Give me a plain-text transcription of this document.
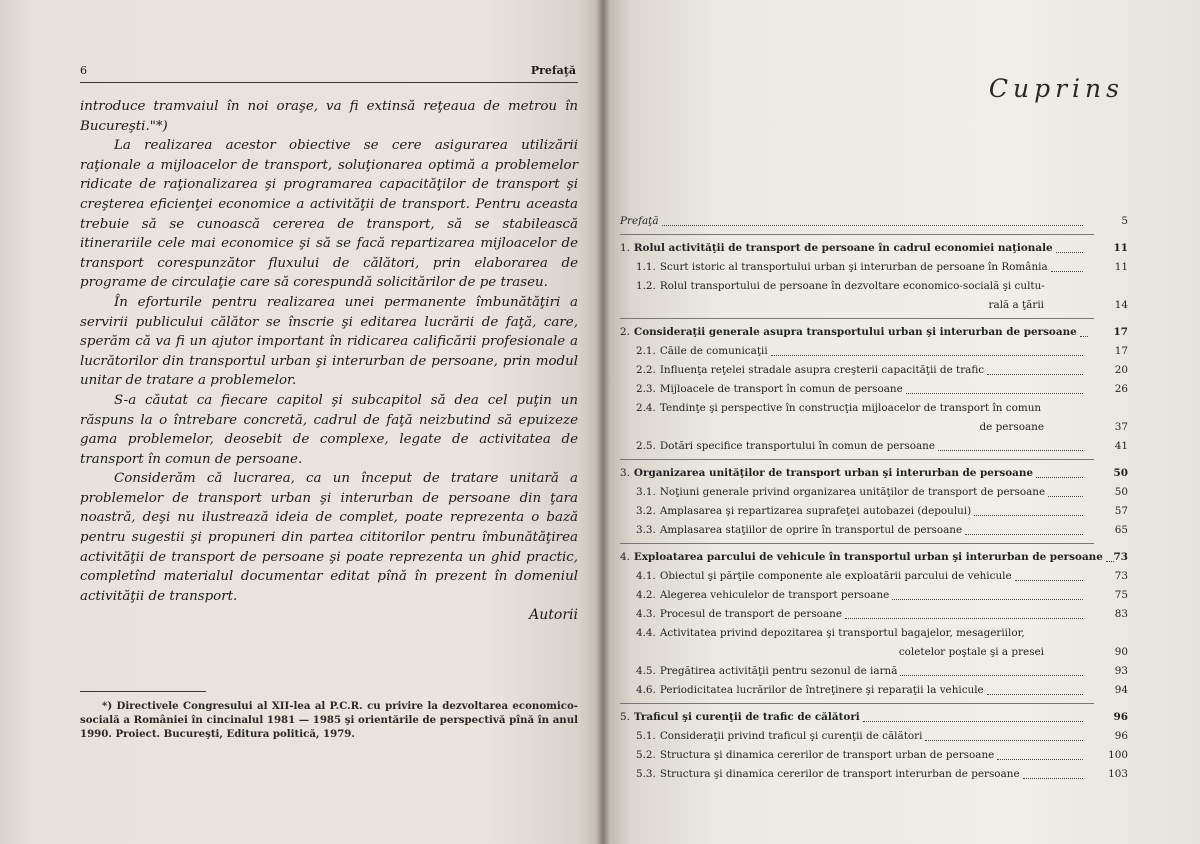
6	Prefaţă

introduce tramvaiul în noi oraşe, va fi extinsă reţeaua de metrou în Bucureşti."*)

La realizarea acestor obiective se cere asigurarea utilizării raţionale a mijloacelor de transport, soluţionarea optimă a problemelor ridicate de raţionalizarea şi programarea capacităţilor de transport şi creşterea eficienţei economice a activităţii de transport. Pentru aceasta trebuie să se cunoască cererea de transport, să se stabilească itinerariile cele mai economice şi să se facă repartizarea mijloacelor de transport corespunzător fluxului de călători, prin elaborarea de programe de circulaţie care să corespundă solicitărilor de pe traseu.

În eforturile pentru realizarea unei permanente îmbunătăţiri a servirii publicului călător se înscrie şi editarea lucrării de faţă, care, sperăm că va fi un ajutor important în ridicarea calificării profesionale a lucrătorilor din transportul urban şi interurban de persoane, prin modul unitar de tratare a problemelor.

S-a căutat ca fiecare capitol şi subcapitol să dea cel puţin un răspuns la o întrebare concretă, cadrul de faţă neizbutind să epuizeze gama problemelor, deosebit de complexe, legate de activitatea de transport în comun de persoane.

Considerăm că lucrarea, ca un început de tratare unitară a problemelor de transport urban şi interurban de persoane din ţara noastră, deşi nu ilustrează ideia de complet, poate reprezenta o bază pentru sugestii şi propuneri din partea cititorilor pentru îmbunătăţirea activităţii de transport de persoane şi poate reprezenta un ghid practic, completînd materialul documentar editat pînă în prezent în domeniul activităţii de transport.

Autorii
*) Directivele Congresului al XII-lea al P.C.R. cu privire la dezvoltarea economico-socială a României în cincinalul 1981 — 1985 şi orientările de perspectivă pînă în anul 1990. Proiect. Bucureşti, Editura politică, 1979.
Cuprins
Prefaţă	5
1. Rolul activităţii de transport de persoane în cadrul economiei naţionale	11
1.1. Scurt istoric al transportului urban şi interurban de persoane în România	11
1.2. Rolul transportului de persoane în dezvoltare economico-socială şi cultu-
rală a ţării	14
2. Consideraţii generale asupra transportului urban şi interurban de persoane	17
2.1. Căile de comunicaţii	17
2.2. Influenţa reţelei stradale asupra creşterii capacităţii de trafic	20
2.3. Mijloacele de transport în comun de persoane	26
2.4. Tendinţe şi perspective în construcţia mijloacelor de transport în comun
de persoane	37
2.5. Dotări specifice transportului în comun de persoane	41
3. Organizarea unităţilor de transport urban şi interurban de persoane	50
3.1. Noţiuni generale privind organizarea unităţilor de transport de persoane	50
3.2. Amplasarea şi repartizarea suprafeţei autobazei (depoului)	57
3.3. Amplasarea staţiilor de oprire în transportul de persoane	65
4. Exploatarea parcului de vehicule în transportul urban şi interurban de persoane 73
4.1. Obiectul şi părţile componente ale exploatării parcului de vehicule	73
4.2. Alegerea vehiculelor de transport persoane	75
4.3. Procesul de transport de persoane	83
4.4. Activitatea privind depozitarea şi transportul bagajelor, mesageriilor,
coletelor poştale şi a presei	90
4.5. Pregătirea activităţii pentru sezonul de iarnă	93
4.6. Periodicitatea lucrărilor de întreţinere şi reparaţii la vehicule	94
5. Traficul şi curenţii de trafic de călători	96
5.1. Consideraţii privind traficul şi curenţii de călători	96
5.2. Structura şi dinamica cererilor de transport urban de persoane	100
5.3. Structura şi dinamica cererilor de transport interurban de persoane	103
